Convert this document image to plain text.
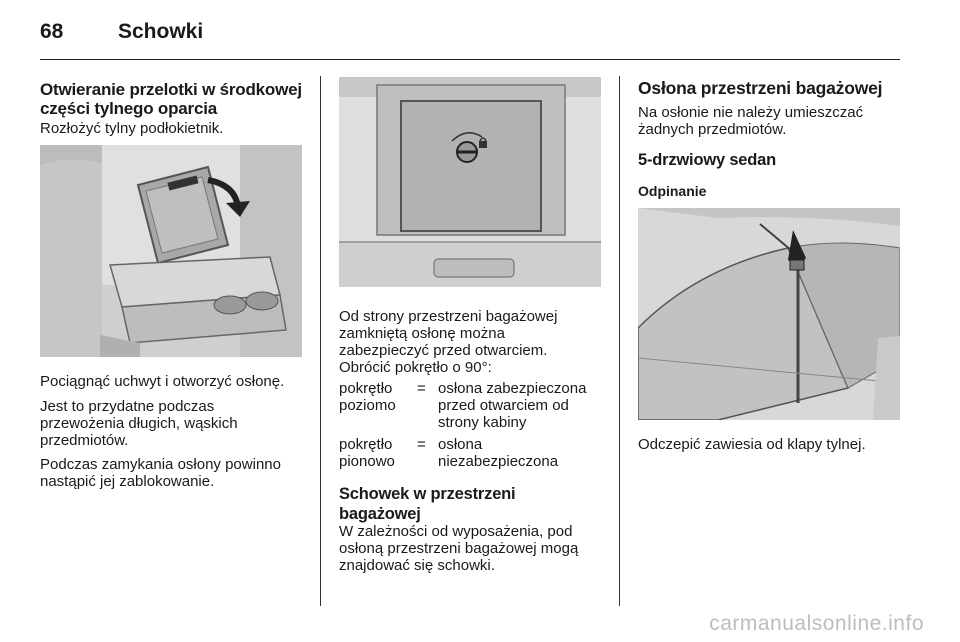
68	Schowki
Otwieranie przelotki w środkowej
części tylnego oparcia
Rozłożyć tylny podłokietnik.
Pociągnąć uchwyt i otworzyć osłonę.
Jest to przydatne podczas
przewożenia długich, wąskich
przedmiotów.
Podczas zamykania osłony powinno
nastąpić jej zablokowanie.
Od strony przestrzeni bagażowej
zamkniętą osłonę można
zabezpieczyć przed otwarciem.
Obrócić pokrętło o 90°:
pokrętło
poziomo
= osłona zabezpieczona
przed otwarciem od
strony kabiny
pokrętło
pionowo
= osłona
niezabezpieczona
Schowek w przestrzeni
bagażowej
W zależności od wyposażenia, pod
osłoną przestrzeni bagażowej mogą
znajdować się schowki.
Osłona przestrzeni bagażowej
Na osłonie nie należy umieszczać
żadnych przedmiotów.
5-drzwiowy sedan
Odpinanie
Odczepić zawiesia od klapy tylnej.
carmanualsonline.info
